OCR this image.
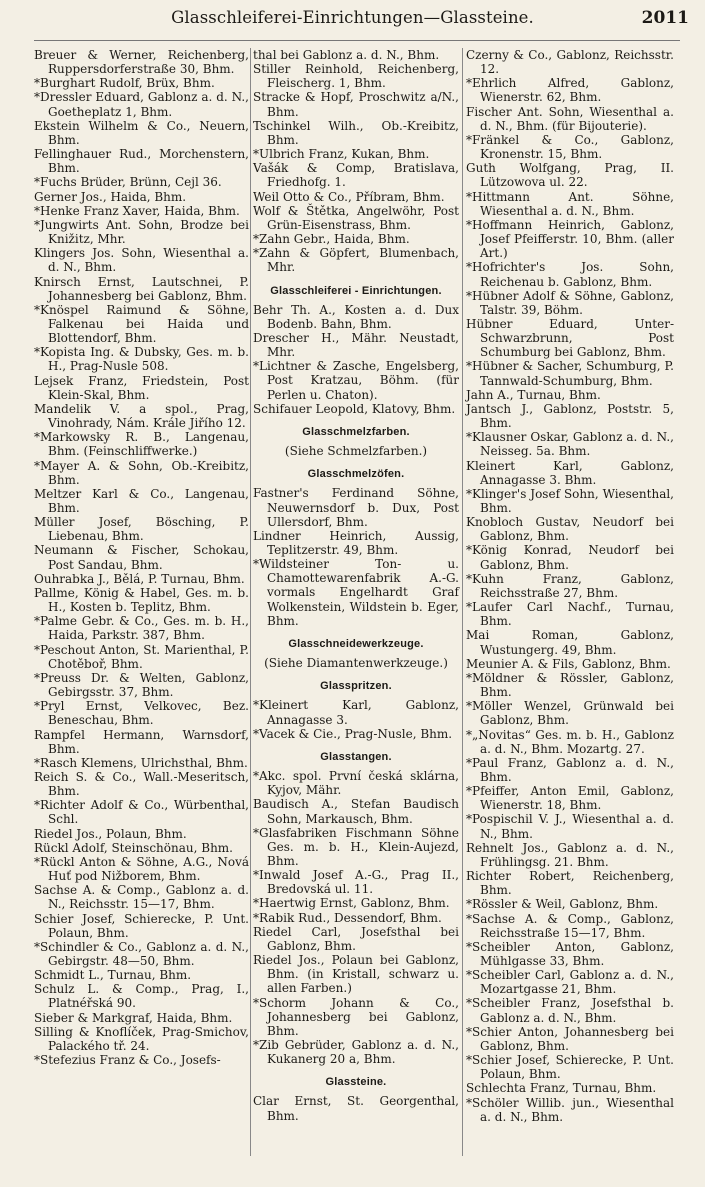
Glasschleiferei-Einrichtungen—Glassteine.	2011

Breuer & Werner, Reichenberg, Ruppersdorferstraße 30, Bhm.

*Burghart Rudolf, Brüx, Bhm.

*Dressler Eduard, Gablonz a. d. N., Goetheplatz 1, Bhm.

Ekstein Wilhelm & Co., Neuern, Bhm.

Fellinghauer Rud., Morchenstern, Bhm.

*Fuchs Brüder, Brünn, Cejl 36.

Gerner Jos., Haida, Bhm.

*Henke Franz Xaver, Haida, Bhm.

*Jungwirts Ant. Sohn, Brodze bei Knižitz, Mhr.

Klingers Jos. Sohn, Wiesenthal a. d. N., Bhm.

Knirsch Ernst, Lautschnei, P. Johannesberg bei Gablonz, Bhm.

*Knöspel Raimund & Söhne, Falkenau bei Haida und Blottendorf, Bhm.

*Kopista Ing. & Dubsky, Ges. m. b. H., Prag-Nusle 508.

Lejsek Franz, Friedstein, Post Klein-Skal, Bhm.

Mandelik V. a spol., Prag, Vinohrady, Nám. Krále Jiřího 12.

*Markowsky R. B., Langenau, Bhm. (Feinschliffwerke.)

*Mayer A. & Sohn, Ob.-Kreibitz, Bhm.

Meltzer Karl & Co., Langenau, Bhm.

Müller Josef, Bösching, P. Liebenau, Bhm.

Neumann & Fischer, Schokau, Post Sandau, Bhm.

Ouhrabka J., Bělá, P. Turnau, Bhm.

Pallme, König & Habel, Ges. m. b. H., Kosten b. Teplitz, Bhm.

*Palme Gebr. & Co., Ges. m. b. H., Haida, Parkstr. 387, Bhm.

*Peschout Anton, St. Marienthal, P. Chotěboř, Bhm.

*Preuss Dr. & Welten, Gablonz, Gebirgsstr. 37, Bhm.

*Pryl Ernst, Velkovec, Bez. Beneschau, Bhm.

Rampfel Hermann, Warnsdorf, Bhm.

*Rasch Klemens, Ulrichsthal, Bhm.

Reich S. & Co., Wall.-Meseritsch, Bhm.

*Richter Adolf & Co., Würbenthal, Schl.

Riedel Jos., Polaun, Bhm.

Rückl Adolf, Steinschönau, Bhm.

*Rückl Anton & Söhne, A.G., Nová Huť pod Nižborem, Bhm.

Sachse A. & Comp., Gablonz a. d. N., Reichsstr. 15—17, Bhm.

Schier Josef, Schierecke, P. Unt. Polaun, Bhm.

*Schindler & Co., Gablonz a. d. N., Gebirgstr. 48—50, Bhm.

Schmidt L., Turnau, Bhm.

Schulz L. & Comp., Prag, I., Platnéřská 90.

Sieber & Markgraf, Haida, Bhm.

Silling & Knoflíček, Prag-Smichov, Palackého tř. 24.

*Stefezius Franz & Co., Josefs-

thal bei Gablonz a. d. N., Bhm.

Stiller Reinhold, Reichenberg, Fleischerg. 1, Bhm.

Stracke & Hopf, Proschwitz a/N., Bhm.

Tschinkel Wilh., Ob.-Kreibitz, Bhm.

*Ulbrich Franz, Kukan, Bhm.

Vašák & Comp, Bratislava, Friedhofg. 1.

Weil Otto & Co., Příbram, Bhm.

Wolf & Štětka, Angelwöhr, Post Grün-Eisenstrass, Bhm.

*Zahn Gebr., Haida, Bhm.

*Zahn & Göpfert, Blumenbach, Mhr.

Glasschleiferei - Einrichtungen.

Behr Th. A., Kosten a. d. Dux Bodenb. Bahn, Bhm.

Drescher H., Mähr. Neustadt, Mhr.

*Lichtner & Zasche, Engelsberg, Post Kratzau, Böhm. (für Perlen u. Chaton).

Schifauer Leopold, Klatovy, Bhm.

Glasschmelzfarben.

(Siehe Schmelzfarben.)

Glasschmelzöfen.

Fastner's Ferdinand Söhne, Neuwernsdorf b. Dux, Post Ullersdorf, Bhm.

Lindner Heinrich, Aussig, Teplitzerstr. 49, Bhm.

*Wildsteiner Ton- u. Chamottewarenfabrik A.-G. vormals Engelhardt Graf Wolkenstein, Wildstein b. Eger, Bhm.

Glasschneidewerkzeuge.

(Siehe Diamantenwerkzeuge.)

Glasspritzen.

*Kleinert Karl, Gablonz, Annagasse 3.

*Vacek & Cie., Prag-Nusle, Bhm.

Glasstangen.

*Akc. spol. První česká sklárna, Kyjov, Mähr.

Baudisch A., Stefan Baudisch Sohn, Markausch, Bhm.

*Glasfabriken Fischmann Söhne Ges. m. b. H., Klein-Aujezd, Bhm.

*Inwald Josef A.-G., Prag II., Bredovská ul. 11.

*Haertwig Ernst, Gablonz, Bhm.

*Rabik Rud., Dessendorf, Bhm.

Riedel Carl, Josefsthal bei Gablonz, Bhm.

Riedel Jos., Polaun bei Gablonz, Bhm. (in Kristall, schwarz u. allen Farben.)

*Schorm Johann & Co., Johannesberg bei Gablonz, Bhm.

*Zib Gebrüder, Gablonz a. d. N., Kukanerg 20 a, Bhm.

Glassteine.

Clar Ernst, St. Georgenthal, Bhm.

Czerny & Co., Gablonz, Reichsstr. 12.

*Ehrlich Alfred, Gablonz, Wienerstr. 62, Bhm.

Fischer Ant. Sohn, Wiesenthal a. d. N., Bhm. (für Bijouterie).

*Fränkel & Co., Gablonz, Kronenstr. 15, Bhm.

Guth Wolfgang, Prag, II. Lützowova ul. 22.

*Hittmann Ant. Söhne, Wiesenthal a. d. N., Bhm.

*Hoffmann Heinrich, Gablonz, Josef Pfeifferstr. 10, Bhm. (aller Art.)

*Hofrichter's Jos. Sohn, Reichenau b. Gablonz, Bhm.

*Hübner Adolf & Söhne, Gablonz, Talstr. 39, Böhm.

Hübner Eduard, Unter-Schwarzbrunn, Post Schumburg bei Gablonz, Bhm.

*Hübner & Sacher, Schumburg, P. Tannwald-Schumburg, Bhm.

Jahn A., Turnau, Bhm.

Jantsch J., Gablonz, Poststr. 5, Bhm.

*Klausner Oskar, Gablonz a. d. N., Neisseg. 5a. Bhm.

Kleinert Karl, Gablonz, Annagasse 3. Bhm.

*Klinger's Josef Sohn, Wiesenthal, Bhm.

Knobloch Gustav, Neudorf bei Gablonz, Bhm.

*König Konrad, Neudorf bei Gablonz, Bhm.

*Kuhn Franz, Gablonz, Reichsstraße 27, Bhm.

*Laufer Carl Nachf., Turnau, Bhm.

Mai Roman, Gablonz, Wustungerg. 49, Bhm.

Meunier A. & Fils, Gablonz, Bhm.

*Möldner & Rössler, Gablonz, Bhm.

*Möller Wenzel, Grünwald bei Gablonz, Bhm.

*„Novitas“ Ges. m. b. H., Gablonz a. d. N., Bhm. Mozartg. 27.

*Paul Franz, Gablonz a. d. N., Bhm.

*Pfeiffer, Anton Emil, Gablonz, Wienerstr. 18, Bhm.

*Pospischil V. J., Wiesenthal a. d. N., Bhm.

Rehnelt Jos., Gablonz a. d. N., Frühlingsg. 21. Bhm.

Richter Robert, Reichenberg, Bhm.

*Rössler & Weil, Gablonz, Bhm.

*Sachse A. & Comp., Gablonz, Reichsstraße 15—17, Bhm.

*Scheibler Anton, Gablonz, Mühlgasse 33, Bhm.

*Scheibler Carl, Gablonz a. d. N., Mozartgasse 21, Bhm.

*Scheibler Franz, Josefsthal b. Gablonz a. d. N., Bhm.

*Schier Anton, Johannesberg bei Gablonz, Bhm.

*Schier Josef, Schierecke, P. Unt. Polaun, Bhm.

Schlechta Franz, Turnau, Bhm.

*Schöler Willib. jun., Wiesenthal a. d. N., Bhm.
